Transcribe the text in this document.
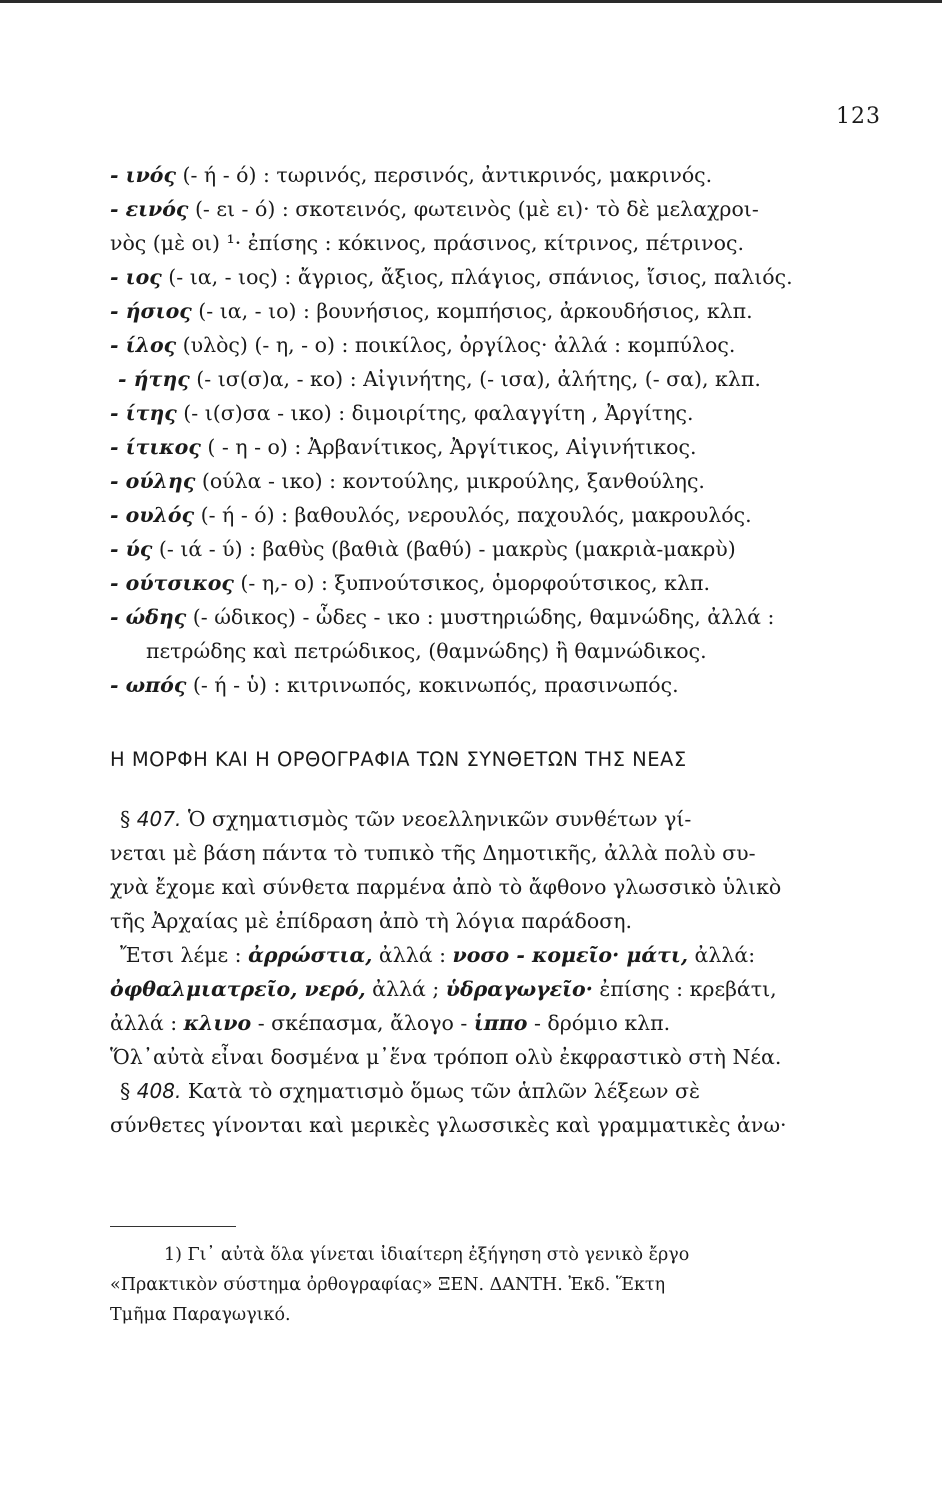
123
- ινός (- ή - ό) : τωρινός, περσινός, ἀντικρινός, μακρινός.
- εινός (- ει - ό) : σκοτεινός, φωτεινὸς (μὲ ει)· τὸ δὲ μελαχροι-
νὸς (μὲ οι) ¹· ἐπίσης : κόκινος, πράσινος, κίτρινος, πέτρινος.
- ιος (- ια, - ιος) : ἄγριος, ἄξιος, πλάγιος, σπάνιος, ἴσιος, παλιός.
- ήσιος (- ια, - ιο) : βουνήσιος, κομπήσιος, ἀρκουδήσιος, κλπ.
- ίλος (υλὸς) (- η, - ο) : ποικίλος, ὀργίλος· ἀλλά : κομπύλος.
- ήτης (- ισ(σ)α, - κο) : Αἰγινήτης, (- ισα), ἀλήτης, (- σα), κλπ.
- ίτης (- ι(σ)σα - ικο) : διμοιρίτης, φαλαγγίτη , Ἀργίτης.
- ίτικος ( - η - ο) : Ἀρβανίτικος, Ἀργίτικος, Αἰγινήτικος.
- ούλης (ούλα - ικο) : κοντούλης, μικρούλης, ξανθούλης.
- ουλός (- ή - ό) : βαθουλός, νερουλός, παχουλός, μακρουλός.
- ύς (- ιά - ύ) : βαθὺς (βαθιὰ (βαθύ) - μακρὺς (μακριὰ-μακρὺ)
- ούτσικος (- η,- ο) : ξυπνούτσικος, ὁμορφούτσικος, κλπ.
- ώδης (- ώδικος) - ὧδες - ικο : μυστηριώδης, θαμνώδης, ἀλλά :
πετρώδης καὶ πετρώδικος, (θαμνώδης) ἢ θαμνώδικος.
- ωπός (- ή - ὑ) : κιτρινωπός, κοκινωπός, πρασινωπός.
Η ΜΟΡΦΗ ΚΑΙ Η ΟΡΘΟΓΡΑΦΙΑ ΤΩΝ ΣΥΝΘΕΤΩΝ ΤΗΣ ΝΕΑΣ
§ 407. Ὁ σχηματισμὸς τῶν νεοελληνικῶν συνθέτων γί-
νεται μὲ βάση πάντα τὸ τυπικὸ τῆς Δημοτικῆς, ἀλλὰ πολὺ συ-
χνὰ ἔχομε καὶ σύνθετα παρμένα ἀπὸ τὸ ἄφθονο γλωσσικὸ ὑλικὸ
τῆς Ἀρχαίας μὲ ἐπίδραση ἀπὸ τὴ λόγια παράδοση.
Ἔτσι λέμε : ἀρρώστια, ἀλλά : νοσο - κομεῖο· μάτι, ἀλλά:
ὀφθαλμιατρεῖο, νερό, ἀλλά ; ὑδραγωγεῖο· ἐπίσης : κρεβάτι,
ἀλλά : κλινο - σκέπασμα, ἄλογο - ἱππο - δρόμιο κλπ.
Ὅλ᾽αὐτὰ εἶναι δοσμένα μ᾽ἕνα τρόποπ ολὺ ἐκφραστικὸ στὴ Νέα.
§ 408. Κατὰ τὸ σχηματισμὸ ὅμως τῶν ἁπλῶν λέξεων σὲ
σύνθετες γίνονται καὶ μερικὲς γλωσσικὲς καὶ γραμματικὲς ἀνω·
1) Γι᾽ αὐτὰ ὅλα γίνεται ἰδιαίτερη ἐξήγηση στὸ γενικὸ ἔργο
«Πρακτικὸν σύστημα ὀρθογραφίας» ΞΕΝ. ΔΑΝΤΗ. Ἐκδ. Ἕκτη
Τμῆμα Παραγωγικό.
